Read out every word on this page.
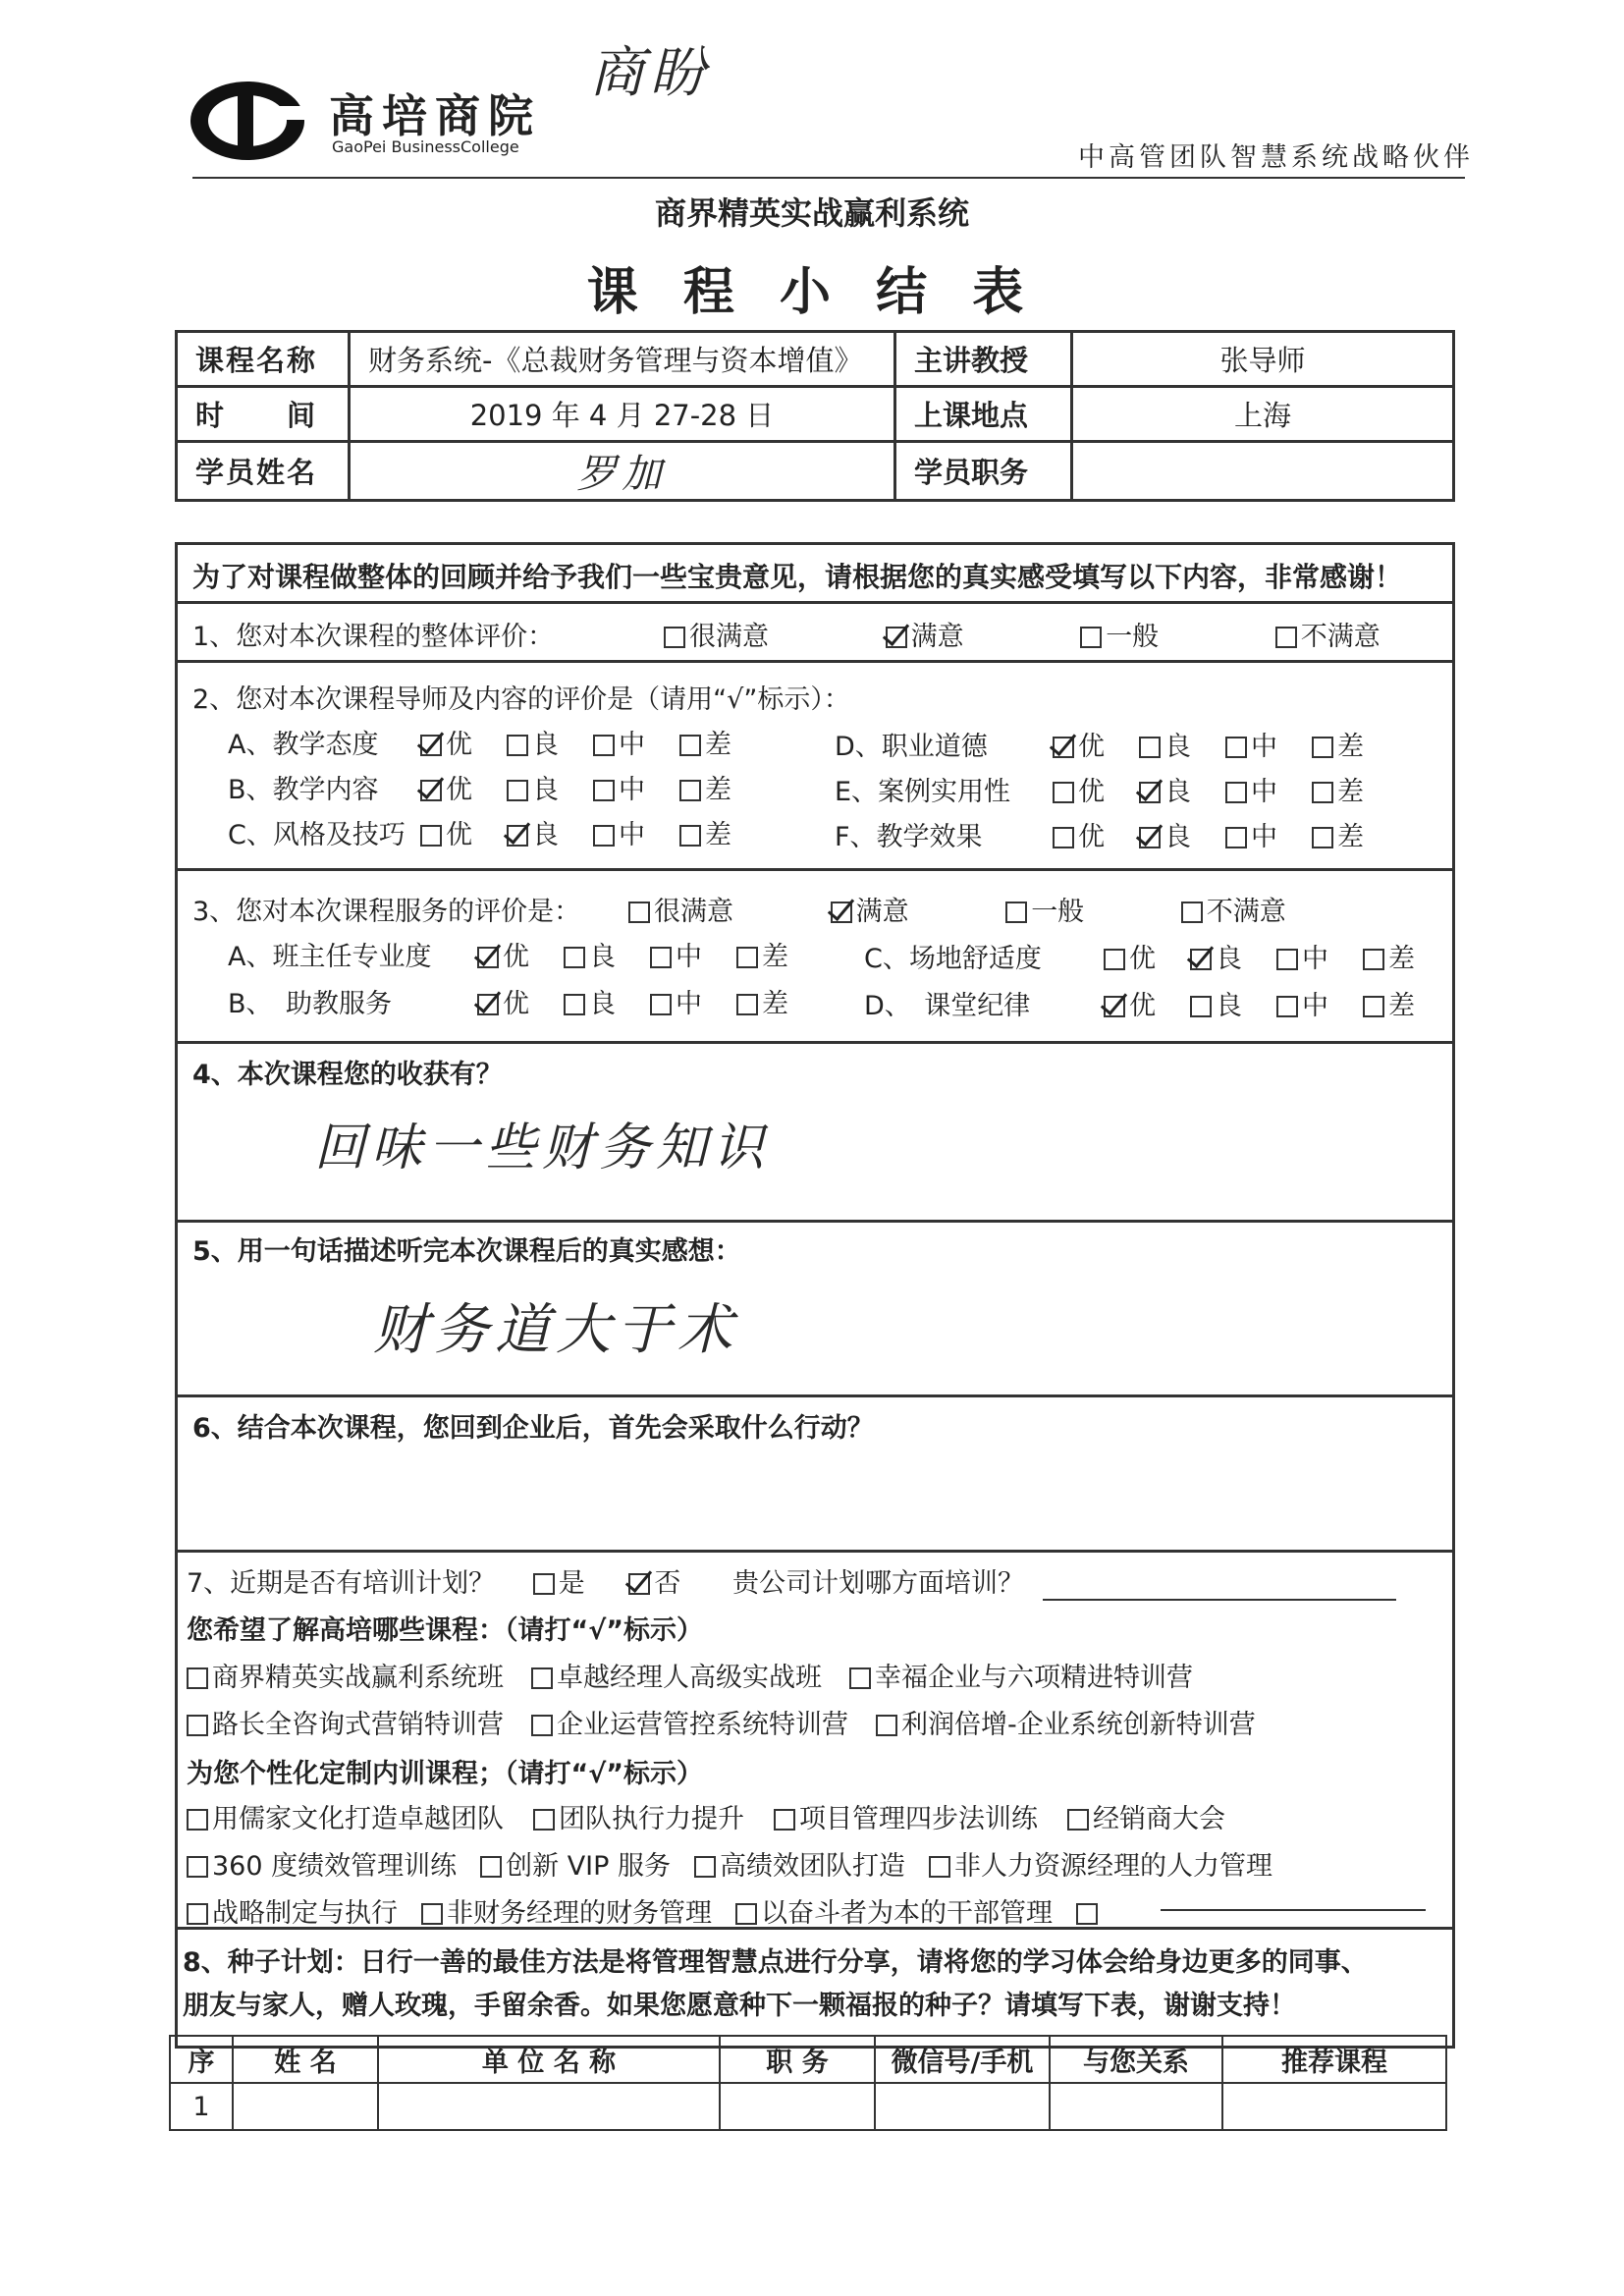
高培商院
GaoPei BusinessCollege
商盼
中高管团队智慧系统战略伙伴
商界精英实战赢利系统
课 程 小 结 表
课程名称	财务系统-《总裁财务管理与资本增值》	主讲教授	张导师
时　　间	2019 年 4 月 27-28 日	上课地点	上海
学员姓名	罗加	学员职务	
为了对课程做整体的回顾并给予我们一些宝贵意见，请根据您的真实感受填写以下内容，非常感谢！
1、您对本次课程的整体评价：	很满意	满意	一般	不满意
2、您对本次课程导师及内容的评价是（请用“√”标示）：
3、您对本次课程服务的评价是：	很满意	满意	一般	不满意
4、本次课程您的收获有？
回味一些财务知识
5、用一句话描述听完本次课程后的真实感想：
财务道大于术
6、结合本次课程，您回到企业后，首先会采取什么行动？
7、近期是否有培训计划？ 是	否 贵公司计划哪方面培训？
您希望了解高培哪些课程：（请打“√”标示）
为您个性化定制内训课程；（请打“√”标示）
8、种子计划：日行一善的最佳方法是将管理智慧点进行分享，请将您的学习体会给身边更多的同事、
朋友与家人，赠人玫瑰，手留余香。如果您愿意种下一颗福报的种子？请填写下表，谢谢支持！
序	姓 名	单 位 名 称	职 务	微信号/手机	与您关系	推荐课程
1						
A、教学态度	优 良 中 差
B、教学内容	优 良 中 差
C、风格及技巧 优 良 中 差
D、职业道德	优 良 中 差
E、案例实用性	优 良 中 差
F、教学效果	优 良 中 差
A、班主任专业度	优 良 中 差
B、　助教服务	优 良 中 差
C、场地舒适度	优 良 中 差
D、　课堂纪律	优 良 中 差
商界精英实战赢利系统班 卓越经理人高级实战班 幸福企业与六项精进特训营
路长全咨询式营销特训营 企业运营管控系统特训营 利润倍增-企业系统创新特训营
用儒家文化打造卓越团队 团队执行力提升 项目管理四步法训练 经销商大会
360 度绩效管理训练 创新 VIP 服务 高绩效团队打造 非人力资源经理的人力管理
战略制定与执行 非财务经理的财务管理 以奋斗者为本的干部管理
